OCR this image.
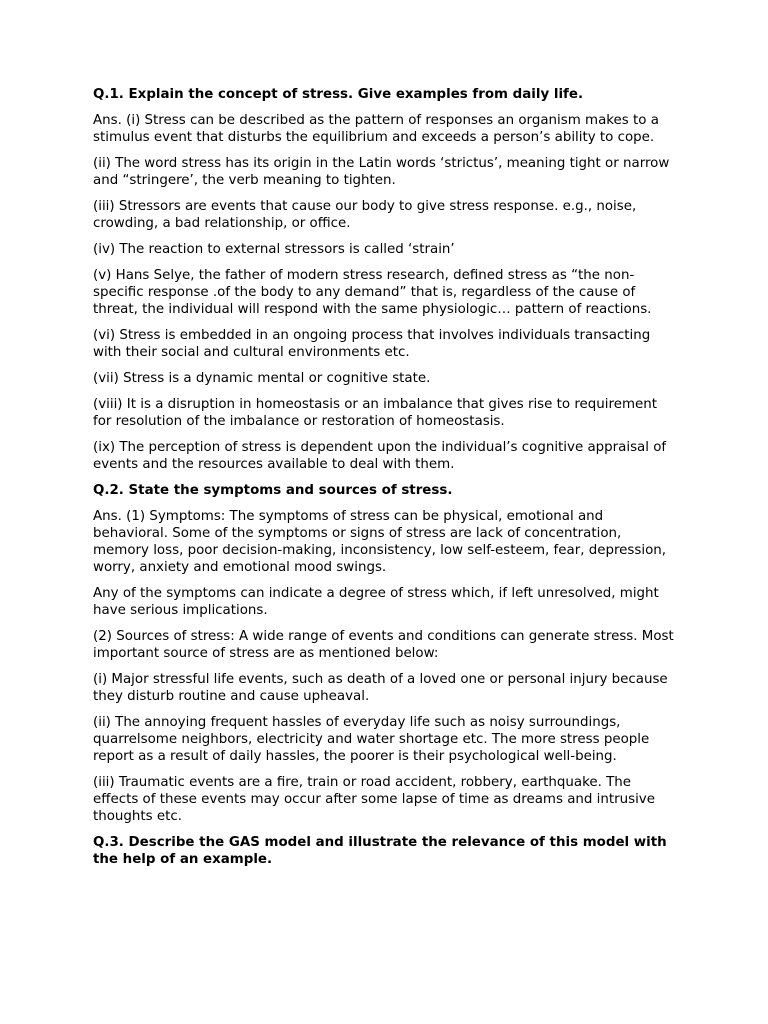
Q.1. Explain the concept of stress. Give examples from daily life.

Ans. (i) Stress can be described as the pattern of responses an organism makes to a stimulus event that disturbs the equilibrium and exceeds a person’s ability to cope.

(ii) The word stress has its origin in the Latin words ‘strictus’, meaning tight or narrow and “stringere’, the verb meaning to tighten.

(iii) Stressors are events that cause our body to give stress response. e.g., noise, crowding, a bad relationship, or office.

(iv) The reaction to external stressors is called ‘strain’

(v) Hans Selye, the father of modern stress research, defined stress as “the non-specific response .of the body to any demand” that is, regardless of the cause of threat, the individual will respond with the same physiologic… pattern of reactions.

(vi) Stress is embedded in an ongoing process that involves individuals transacting with their social and cultural environments etc.

(vii) Stress is a dynamic mental or cognitive state.

(viii) It is a disruption in homeostasis or an imbalance that gives rise to requirement for resolution of the imbalance or restoration of homeostasis.

(ix) The perception of stress is dependent upon the individual’s cognitive appraisal of events and the resources available to deal with them.

Q.2. State the symptoms and sources of stress.

Ans. (1) Symptoms: The symptoms of stress can be physical, emotional and behavioral. Some of the symptoms or signs of stress are lack of concentration, memory loss, poor decision-making, inconsistency, low self-esteem, fear, depression, worry, anxiety and emotional mood swings.

Any of the symptoms can indicate a degree of stress which, if left unresolved, might have serious implications.

(2) Sources of stress: A wide range of events and conditions can generate stress. Most important source of stress are as mentioned below:

(i) Major stressful life events, such as death of a loved one or personal injury because they disturb routine and cause upheaval.

(ii) The annoying frequent hassles of everyday life such as noisy surroundings, quarrelsome neighbors, electricity and water shortage etc. The more stress people report as a result of daily hassles, the poorer is their psychological well-being.

(iii) Traumatic events are a fire, train or road accident, robbery, earthquake. The effects of these events may occur after some lapse of time as dreams and intrusive thoughts etc.

Q.3. Describe the GAS model and illustrate the relevance of this model with the help of an example.
